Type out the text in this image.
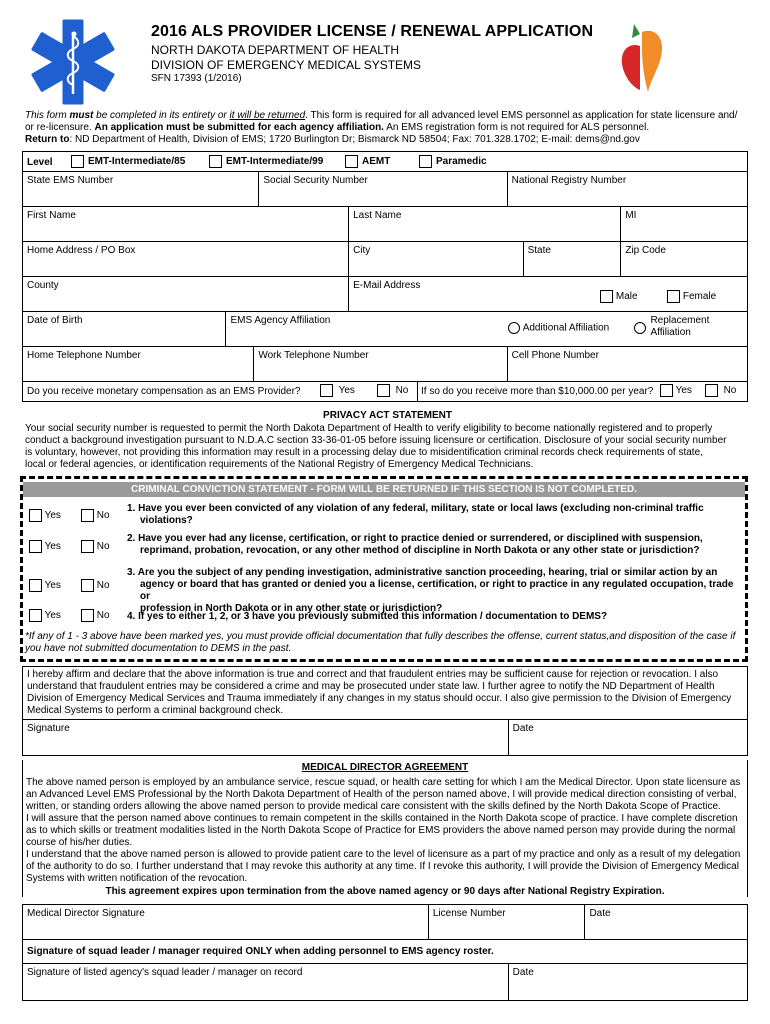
2016 ALS PROVIDER LICENSE / RENEWAL APPLICATION
NORTH DAKOTA DEPARTMENT OF HEALTH
DIVISION OF EMERGENCY MEDICAL SYSTEMS
SFN 17393 (1/2016)
This form must be completed in its entirety or it will be returned. This form is required for all advanced level EMS personnel as application for state licensure and/
or re-licensure. An application must be submitted for each agency affiliation. An EMS registration form is not required for ALS personnel.
Return to: ND Department of Health, Division of EMS; 1720 Burlington Dr; Bismarck ND 58504; Fax: 701.328.1702; E-mail: dems@nd.gov
Level	EMT-Intermediate/85	EMT-Intermediate/99	AEMT	Paramedic
State EMS Number	Social Security Number	National Registry Number
First Name	Last Name	MI
Home Address / PO Box	City	State	Zip Code
County	E-Mail Address
Male	Female
Date of Birth	EMS Agency Affiliation
Additional Affiliation
Replacement
Affiliation
Home Telephone Number	Work Telephone Number	Cell Phone Number
Do you receive monetary compensation as an EMS Provider?	Yes	No If so do you receive more than $10,000.00 per year?	Yes	No
PRIVACY ACT STATEMENT
Your social security number is requested to permit the North Dakota Department of Health to verify eligibility to become nationally registered and to properly
conduct a background investigation pursuant to N.D.A.C section 33-36-01-05 before issuing licensure or certification. Disclosure of your social security number
is voluntary, however, not providing this information may result in a processing delay due to misidentification criminal records check requirements of state,
local or federal agencies, or identification requirements of the National Registry of Emergency Medical Technicians.
CRIMINAL CONVICTION STATEMENT - FORM WILL BE RETURNED IF THIS SECTION IS NOT COMPLETED.
Yes	No
1. Have you ever been convicted of any violation of any federal, military, state or local laws (excluding non-criminal traffic
violations?
Yes	No
2. Have you ever had any license, certification, or right to practice denied or surrendered, or disciplined with suspension,
reprimand, probation, revocation, or any other method of discipline in North Dakota or any other state or jurisdiction?
Yes	No
3. Are you the subject of any pending investigation, administrative sanction proceeding, hearing, trial or similar action by an
agency or board that has granted or denied you a license, certification, or right to practice in any regulated occupation, trade or
profession in North Dakota or in any other state or jurisdiction?
Yes	No 4. If yes to either 1, 2, or 3 have you previously submitted this information / documentation to DEMS?
*If any of 1 - 3 above have been marked yes, you must provide official documentation that fully describes the offense, current status,and disposition of the case if
you have not submitted documentation to DEMS in the past.
I hereby affirm and declare that the above information is true and correct and that fraudulent entries may be sufficient cause for rejection or revocation. I also
understand that fraudulent entries may be considered a crime and may be prosecuted under state law. I further agree to notify the ND Department of Health
Division of Emergency Medical Services and Trauma immediately if any changes in my status should occur. I also give permission to the Division of Emergency
Medical Systems to perform a criminal background check.
Signature	Date
MEDICAL DIRECTOR AGREEMENT
The above named person is employed by an ambulance service, rescue squad, or health care setting for which I am the Medical Director. Upon state licensure as
an Advanced Level EMS Professional by the North Dakota Department of Health of the person named above, I will provide medical direction consisting of verbal,
written, or standing orders allowing the above named person to provide medical care consistent with the skills defined by the North Dakota Scope of Practice.
I will assure that the person named above continues to remain competent in the skills contained in the North Dakota scope of practice. I have complete discretion
as to which skills or treatment modalities listed in the North Dakota Scope of Practice for EMS providers the above named person may provide during the normal
course of his/her duties.
I understand that the above named person is allowed to provide patient care to the level of licensure as a part of my practice and only as a result of my delegation
of the authority to do so. I further understand that I may revoke this authority at any time. If I revoke this authority, I will provide the Division of Emergency Medical
Systems with written notification of the revocation.
This agreement expires upon termination from the above named agency or 90 days after National Registry Expiration.
Medical Director Signature	License Number	Date
Signature of squad leader / manager required ONLY when adding personnel to EMS agency roster.
Signature of listed agency's squad leader / manager on record	Date
